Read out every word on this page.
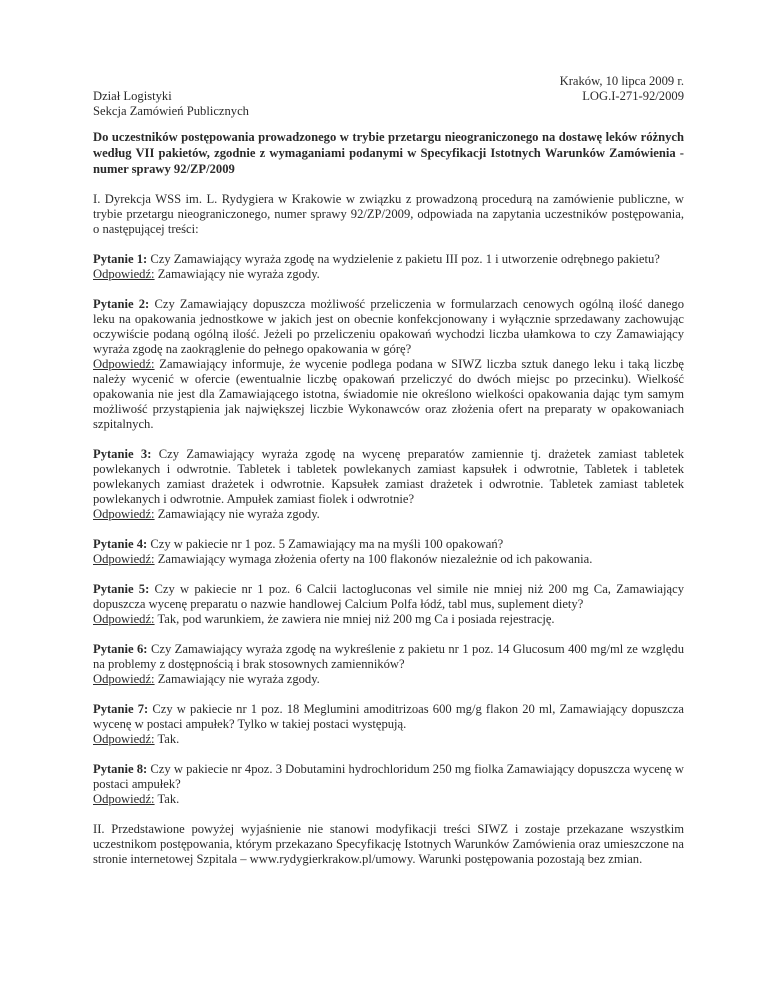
Kraków, 10 lipca 2009 r.
Dział Logistyki	LOG.I-271-92/2009
Sekcja Zamówień Publicznych
Do uczestników postępowania prowadzonego w trybie przetargu nieograniczonego na dostawę leków różnych według VII pakietów, zgodnie z wymaganiami podanymi w Specyfikacji Istotnych Warunków Zamówienia - numer sprawy 92/ZP/2009
I. Dyrekcja WSS im. L. Rydygiera w Krakowie w związku z prowadzoną procedurą na zamówienie publiczne, w trybie przetargu nieograniczonego, numer sprawy 92/ZP/2009, odpowiada na zapytania uczestników postępowania, o następującej treści:
Pytanie 1: Czy Zamawiający wyraża zgodę na wydzielenie z pakietu III poz. 1 i utworzenie odrębnego pakietu?
Odpowiedź: Zamawiający nie wyraża zgody.
Pytanie 2: Czy Zamawiający dopuszcza możliwość przeliczenia w formularzach cenowych ogólną ilość danego leku na opakowania jednostkowe w jakich jest on obecnie konfekcjonowany i wyłącznie sprzedawany zachowując oczywiście podaną ogólną ilość. Jeżeli po przeliczeniu opakowań wychodzi liczba ułamkowa to czy Zamawiający wyraża zgodę na zaokrąglenie do pełnego opakowania w górę?
Odpowiedź: Zamawiający informuje, że wycenie podlega podana w SIWZ liczba sztuk danego leku i taką liczbę należy wycenić w ofercie (ewentualnie liczbę opakowań przeliczyć do dwóch miejsc po przecinku). Wielkość opakowania nie jest dla Zamawiającego istotna, świadomie nie określono wielkości opakowania dając tym samym możliwość przystąpienia jak największej liczbie Wykonawców oraz złożenia ofert na preparaty w opakowaniach szpitalnych.
Pytanie 3: Czy Zamawiający wyraża zgodę na wycenę preparatów zamiennie tj. drażetek zamiast tabletek powlekanych i odwrotnie. Tabletek i tabletek powlekanych zamiast kapsułek i odwrotnie, Tabletek i tabletek powlekanych zamiast drażetek i odwrotnie. Kapsułek zamiast drażetek i odwrotnie. Tabletek zamiast tabletek powlekanych i odwrotnie. Ampułek zamiast fiolek i odwrotnie?
Odpowiedź: Zamawiający nie wyraża zgody.
Pytanie 4: Czy w pakiecie nr 1 poz. 5 Zamawiający ma na myśli 100 opakowań?
Odpowiedź: Zamawiający wymaga złożenia oferty na 100 flakonów niezależnie od ich pakowania.
Pytanie 5: Czy w pakiecie nr 1 poz. 6 Calcii lactogluconas vel simile nie mniej niż 200 mg Ca, Zamawiający dopuszcza wycenę preparatu o nazwie handlowej Calcium Polfa łódź, tabl mus, suplement diety?
Odpowiedź: Tak, pod warunkiem, że zawiera nie mniej niż 200 mg Ca i posiada rejestrację.
Pytanie 6: Czy Zamawiający wyraża zgodę na wykreślenie z pakietu nr 1 poz. 14 Glucosum 400 mg/ml ze względu na problemy z dostępnością i brak stosownych zamienników?
Odpowiedź: Zamawiający nie wyraża zgody.
Pytanie 7: Czy w pakiecie nr 1 poz. 18 Meglumini amoditrizoas 600 mg/g flakon 20 ml, Zamawiający dopuszcza wycenę w postaci ampułek? Tylko w takiej postaci występują.
Odpowiedź: Tak.
Pytanie 8: Czy w pakiecie nr 4poz. 3 Dobutamini hydrochloridum 250 mg fiolka Zamawiający dopuszcza wycenę w postaci ampułek?
Odpowiedź: Tak.
II. Przedstawione powyżej wyjaśnienie nie stanowi modyfikacji treści SIWZ i zostaje przekazane wszystkim uczestnikom postępowania, którym przekazano Specyfikację Istotnych Warunków Zamówienia oraz umieszczone na stronie internetowej Szpitala – www.rydygierkrakow.pl/umowy. Warunki postępowania pozostają bez zmian.
